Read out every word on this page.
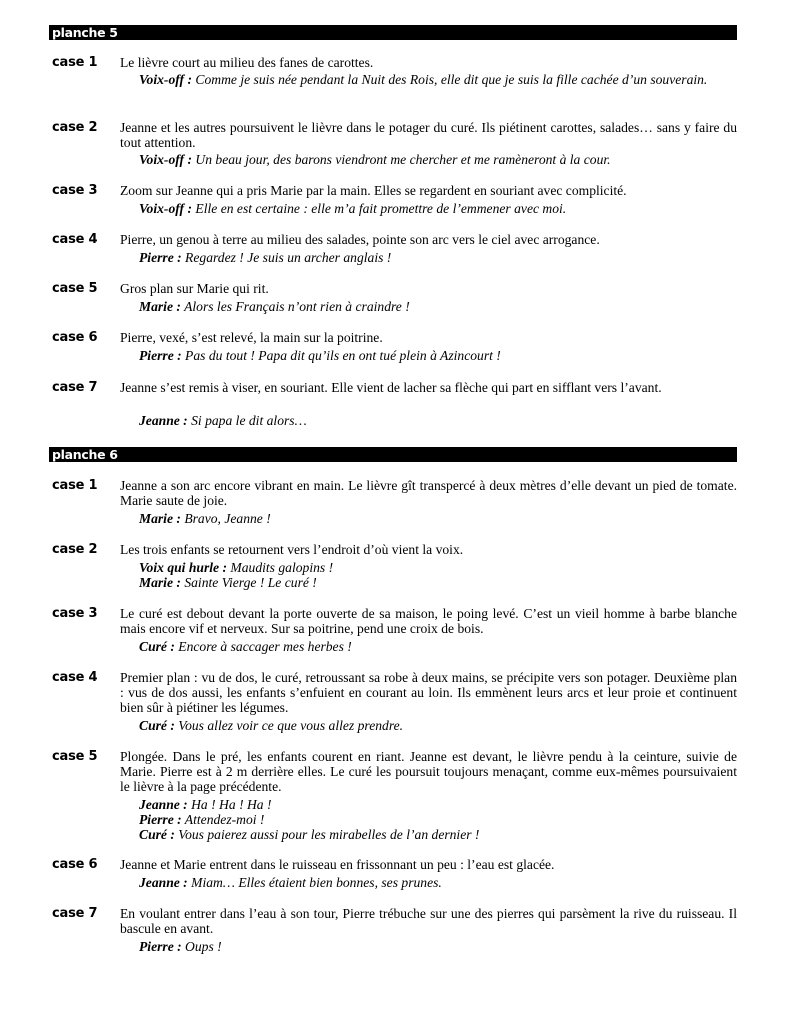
planche 5
case 1 Le lièvre court au milieu des fanes de carottes.

Voix-off : Comme je suis née pendant la Nuit des Rois, elle dit que je suis la fille cachée d’un souverain.

case 2 Jeanne et les autres poursuivent le lièvre dans le potager du curé. Ils piétinent carottes, salades… sans y faire du tout attention.

Voix-off : Un beau jour, des barons viendront me chercher et me ramèneront à la cour.

case 3 Zoom sur Jeanne qui a pris Marie par la main. Elles se regardent en souriant avec complicité.

Voix-off : Elle en est certaine : elle m’a fait promettre de l’emmener avec moi.

case 4 Pierre, un genou à terre au milieu des salades, pointe son arc vers le ciel avec arrogance.

Pierre : Regardez ! Je suis un archer anglais !

case 5 Gros plan sur Marie qui rit.

Marie : Alors les Français n’ont rien à craindre !

case 6 Pierre, vexé, s’est relevé, la main sur la poitrine.

Pierre : Pas du tout ! Papa dit qu’ils en ont tué plein à Azincourt !

case 7 Jeanne s’est remis à viser, en souriant. Elle vient de lacher sa flèche qui part en sifflant vers l’avant.

Jeanne : Si papa le dit alors…

planche 6
case 1 Jeanne a son arc encore vibrant en main. Le lièvre gît transpercé à deux mètres d’elle devant un pied de tomate. Marie saute de joie.

Marie : Bravo, Jeanne !

case 2 Les trois enfants se retournent vers l’endroit d’où vient la voix.

Voix qui hurle : Maudits galopins !

Marie : Sainte Vierge ! Le curé !

case 3 Le curé est debout devant la porte ouverte de sa maison, le poing levé. C’est un vieil homme à barbe blanche mais encore vif et nerveux. Sur sa poitrine, pend une croix de bois.

Curé : Encore à saccager mes herbes !

case 4 Premier plan : vu de dos, le curé, retroussant sa robe à deux mains, se précipite vers son potager. Deuxième plan : vus de dos aussi, les enfants s’enfuient en courant au loin. Ils emmènent leurs arcs et leur proie et continuent bien sûr à piétiner les légumes.

Curé : Vous allez voir ce que vous allez prendre.

case 5 Plongée. Dans le pré, les enfants courent en riant. Jeanne est devant, le lièvre pendu à la ceinture, suivie de Marie. Pierre est à 2 m derrière elles. Le curé les poursuit toujours menaçant, comme eux-mêmes poursuivaient le lièvre à la page précédente.

Jeanne : Ha ! Ha ! Ha !

Pierre : Attendez-moi !

Curé : Vous paierez aussi pour les mirabelles de l’an dernier !

case 6 Jeanne et Marie entrent dans le ruisseau en frissonnant un peu : l’eau est glacée.

Jeanne : Miam… Elles étaient bien bonnes, ses prunes.

case 7 En voulant entrer dans l’eau à son tour, Pierre trébuche sur une des pierres qui parsèment la rive du ruisseau. Il bascule en avant.

Pierre : Oups !
